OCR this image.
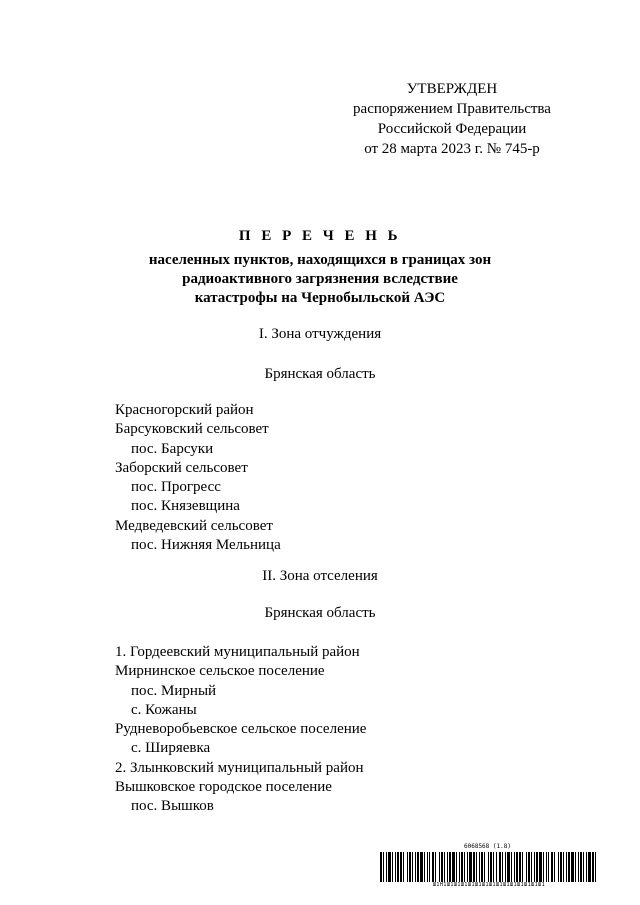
УТВЕРЖДЕН
распоряжением Правительства
Российской Федерации
от 28 марта 2023 г. № 745-р
П Е Р Е Ч Е Н Ь
населенных пунктов, находящихся в границах зон
радиоактивного загрязнения вследствие
катастрофы на Чернобыльской АЭС
I. Зона отчуждения
Брянская область
Красногорский район
Барсуковский сельсовет
пос. Барсуки
Заборский сельсовет
пос. Прогресс
пос. Князевщина
Медведевский сельсовет
пос. Нижняя Мельница
II. Зона отселения
Брянская область
1. Гордеевский муниципальный район
Мирнинское сельское поселение
пос. Мирный
с. Кожаны
Рудневоробьевское сельское поселение
с. Ширяевка
2. Злынковский муниципальный район
Вышковское городское поселение
пос. Вышков
6068568 (1.8)
Ш1Н1Ш1Ш1Ш1Ш1Ш1Ш1Ш1Ш1Ш1Ш1Ш1Ш1Ш1Ш1
